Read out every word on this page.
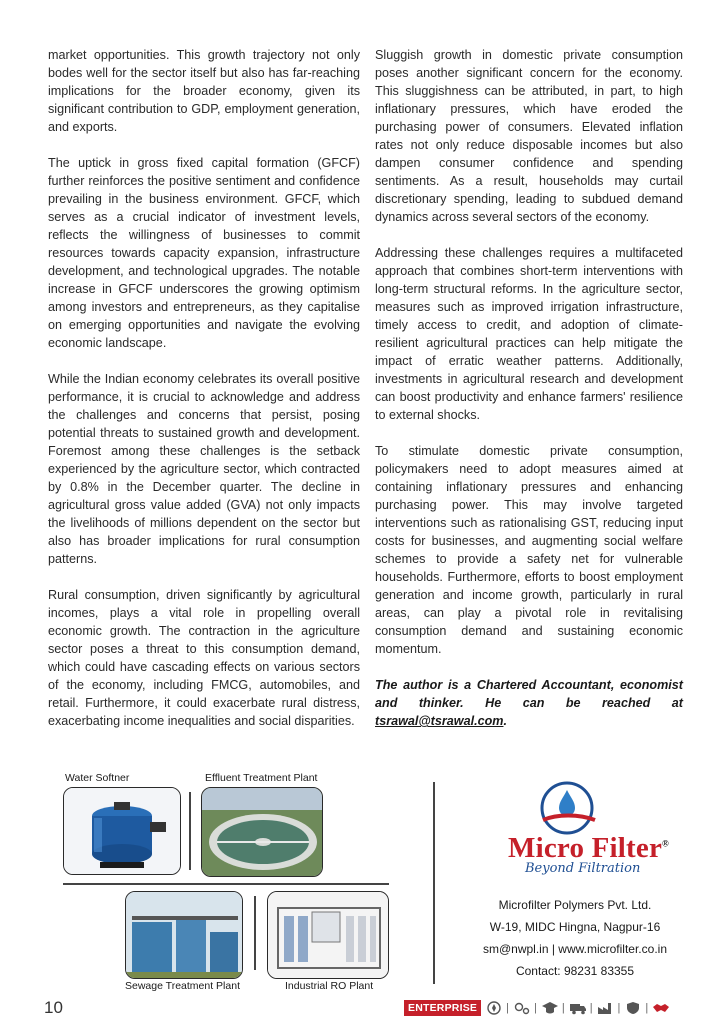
market opportunities. This growth trajectory not only bodes well for the sector itself but also has far-reaching implications for the broader economy, given its significant contribution to GDP, employment generation, and exports.

The uptick in gross fixed capital formation (GFCF) further reinforces the positive sentiment and confidence prevailing in the business environment. GFCF, which serves as a crucial indicator of investment levels, reflects the willingness of businesses to commit resources towards capacity expansion, infrastructure development, and technological upgrades. The notable increase in GFCF underscores the growing optimism among investors and entrepreneurs, as they capitalise on emerging opportunities and navigate the evolving economic landscape.

While the Indian economy celebrates its overall positive performance, it is crucial to acknowledge and address the challenges and concerns that persist, posing potential threats to sustained growth and development. Foremost among these challenges is the setback experienced by the agriculture sector, which contracted by 0.8% in the December quarter. The decline in agricultural gross value added (GVA) not only impacts the livelihoods of millions dependent on the sector but also has broader implications for rural consumption patterns.

Rural consumption, driven significantly by agricultural incomes, plays a vital role in propelling overall economic growth. The contraction in the agriculture sector poses a threat to this consumption demand, which could have cascading effects on various sectors of the economy, including FMCG, automobiles, and retail. Furthermore, it could exacerbate rural distress, exacerbating income inequalities and social disparities.

Sluggish growth in domestic private consumption poses another significant concern for the economy. This sluggishness can be attributed, in part, to high inflationary pressures, which have eroded the purchasing power of consumers. Elevated inflation rates not only reduce disposable incomes but also dampen consumer confidence and spending sentiments. As a result, households may curtail discretionary spending, leading to subdued demand dynamics across several sectors of the economy.

Addressing these challenges requires a multifaceted approach that combines short-term interventions with long-term structural reforms. In the agriculture sector, measures such as improved irrigation infrastructure, timely access to credit, and adoption of climate-resilient agricultural practices can help mitigate the impact of erratic weather patterns. Additionally, investments in agricultural research and development can boost productivity and enhance farmers' resilience to external shocks.

To stimulate domestic private consumption, policymakers need to adopt measures aimed at containing inflationary pressures and enhancing purchasing power. This may involve targeted interventions such as rationalising GST, reducing input costs for businesses, and augmenting social welfare schemes to provide a safety net for vulnerable households. Furthermore, efforts to boost employment generation and income growth, particularly in rural areas, can play a pivotal role in revitalising consumption demand and sustaining economic momentum.

The author is a Chartered Accountant, economist and thinker. He can be reached at tsrawal@tsrawal.com.

Water Softner	Effluent Treatment Plant
Sewage Treatment Plant	Industrial RO Plant
Micro Filter®
Beyond Filtration
Microfilter Polymers Pvt. Ltd.
W-19, MIDC Hingna, Nagpur-16
sm@nwpl.in | www.microfilter.co.in
Contact: 98231 83355
10	ENTERPRISE	| | | | | |
